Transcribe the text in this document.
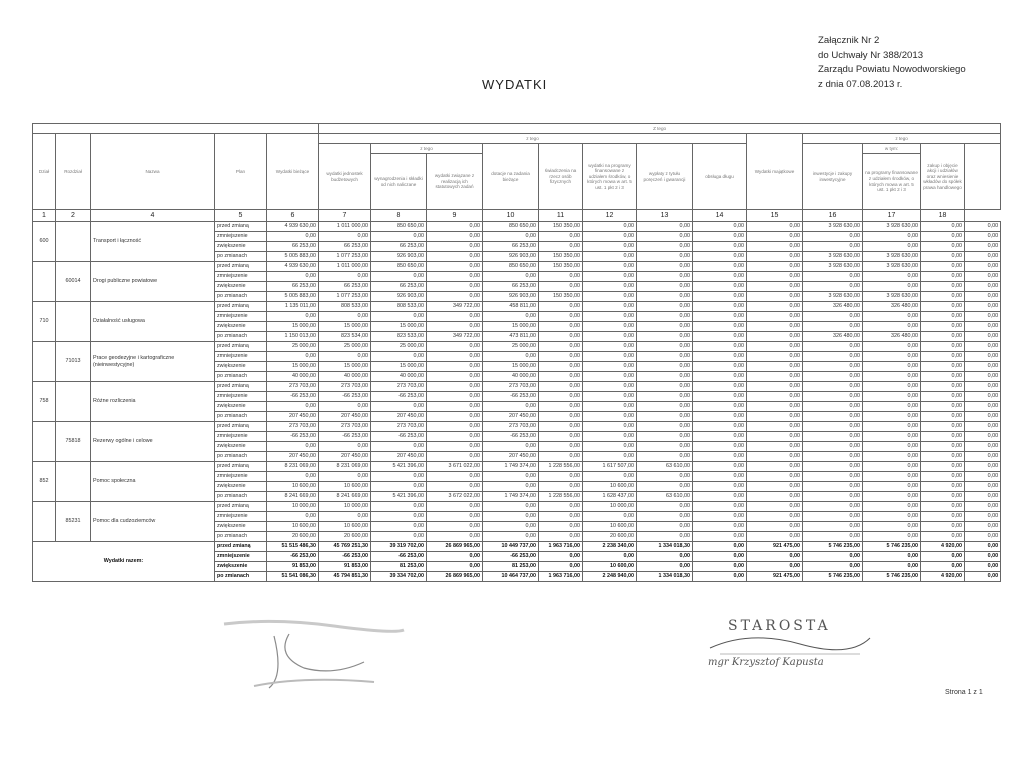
Załącznik Nr 2
do Uchwały Nr 388/2013
Zarządu Powiatu Nowodworskiego
z dnia 07.08.2013 r.
WYDATKI
					Z tego												
Dział	Rozdział	Nazwa	Plan	Wydatki bieżące	z tego								Wydatki majątkowe	z tego			
					wydatki jednostek budżetowych	z tego		dotacje na zadania bieżące	świadczenia na rzecz osób fizycznych	wydatki na programy finansowane z udziałem środków, o których mowa w art. 5 ust. 1 pkt 2 i 3	wypłaty z tytułu poręczeń i gwarancji	obsługa długu		inwestycje i zakupy inwestycyjne	w tym:	zakup i objęcie akcji i udziałów oraz wniesienie wkładów do spółek prawa handlowego	
						wynagrodzenia i składki od nich naliczane	wydatki związane z realizacją ich statutowych zadań								na programy finansowane z udziałem środków, o których mowa w art. 5 ust. 1 pkt 2 i 3		
1	2	4	5	6	7	8	9	10	11	12	13	14	15	16	17	18	
600		Transport i łączność	przed zmianą	4 939 630,00	1 011 000,00	850 650,00	0,00	850 650,00	150 350,00	0,00	0,00	0,00	0,00	3 928 630,00	3 928 630,00	0,00	0,00
			zmniejszenie	0,00	0,00	0,00	0,00	0,00	0,00	0,00	0,00	0,00	0,00	0,00	0,00	0,00	0,00
			zwiększenie	66 253,00	66 253,00	66 253,00	0,00	66 253,00	0,00	0,00	0,00	0,00	0,00	0,00	0,00	0,00	0,00
			po zmianach	5 005 883,00	1 077 253,00	926 903,00	0,00	926 903,00	150 350,00	0,00	0,00	0,00	0,00	3 928 630,00	3 928 630,00	0,00	0,00
	60014	Drogi publiczne powiatowe	przed zmianą	4 939 630,00	1 011 000,00	850 650,00	0,00	850 650,00	150 350,00	0,00	0,00	0,00	0,00	3 928 630,00	3 928 630,00	0,00	0,00
			zmniejszenie	0,00	0,00	0,00	0,00	0,00	0,00	0,00	0,00	0,00	0,00	0,00	0,00	0,00	0,00
			zwiększenie	66 253,00	66 253,00	66 253,00	0,00	66 253,00	0,00	0,00	0,00	0,00	0,00	0,00	0,00	0,00	0,00
			po zmianach	5 005 883,00	1 077 253,00	926 903,00	0,00	926 903,00	150 350,00	0,00	0,00	0,00	0,00	3 928 630,00	3 928 630,00	0,00	0,00
710		Działalność usługowa	przed zmianą	1 135 011,00	808 533,00	808 533,00	349 722,00	458 811,00	0,00	0,00	0,00	0,00	0,00	326 480,00	326 480,00	0,00	0,00
			zmniejszenie	0,00	0,00	0,00	0,00	0,00	0,00	0,00	0,00	0,00	0,00	0,00	0,00	0,00	0,00
			zwiększenie	15 000,00	15 000,00	15 000,00	0,00	15 000,00	0,00	0,00	0,00	0,00	0,00	0,00	0,00	0,00	0,00
			po zmianach	1 150 013,00	823 534,00	823 533,00	349 722,00	473 811,00	0,00	0,00	0,00	0,00	0,00	326 480,00	326 480,00	0,00	0,00
	71013	Prace geodezyjne i kartograficzne (nieinwestycyjne)	przed zmianą	25 000,00	25 000,00	25 000,00	0,00	25 000,00	0,00	0,00	0,00	0,00	0,00	0,00	0,00	0,00	0,00
			zmniejszenie	0,00	0,00	0,00	0,00	0,00	0,00	0,00	0,00	0,00	0,00	0,00	0,00	0,00	0,00
			zwiększenie	15 000,00	15 000,00	15 000,00	0,00	15 000,00	0,00	0,00	0,00	0,00	0,00	0,00	0,00	0,00	0,00
			po zmianach	40 000,00	40 000,00	40 000,00	0,00	40 000,00	0,00	0,00	0,00	0,00	0,00	0,00	0,00	0,00	0,00
758		Różne rozliczenia	przed zmianą	273 703,00	273 703,00	273 703,00	0,00	273 703,00	0,00	0,00	0,00	0,00	0,00	0,00	0,00	0,00	0,00
			zmniejszenie	-66 253,00	-66 253,00	-66 253,00	0,00	-66 253,00	0,00	0,00	0,00	0,00	0,00	0,00	0,00	0,00	0,00
			zwiększenie	0,00	0,00	0,00	0,00	0,00	0,00	0,00	0,00	0,00	0,00	0,00	0,00	0,00	0,00
			po zmianach	207 450,00	207 450,00	207 450,00	0,00	207 450,00	0,00	0,00	0,00	0,00	0,00	0,00	0,00	0,00	0,00
	75818	Rezerwy ogólne i celowe	przed zmianą	273 703,00	273 703,00	273 703,00	0,00	273 703,00	0,00	0,00	0,00	0,00	0,00	0,00	0,00	0,00	0,00
			zmniejszenie	-66 253,00	-66 253,00	-66 253,00	0,00	-66 253,00	0,00	0,00	0,00	0,00	0,00	0,00	0,00	0,00	0,00
			zwiększenie	0,00	0,00	0,00	0,00	0,00	0,00	0,00	0,00	0,00	0,00	0,00	0,00	0,00	0,00
			po zmianach	207 450,00	207 450,00	207 450,00	0,00	207 450,00	0,00	0,00	0,00	0,00	0,00	0,00	0,00	0,00	0,00
852		Pomoc społeczna	przed zmianą	8 231 069,00	8 231 069,00	5 421 396,00	3 671 022,00	1 749 374,00	1 228 556,00	1 617 507,00	63 610,00	0,00	0,00	0,00	0,00	0,00	0,00
			zmniejszenie	0,00	0,00	0,00	0,00	0,00	0,00	0,00	0,00	0,00	0,00	0,00	0,00	0,00	0,00
			zwiększenie	10 600,00	10 600,00	0,00	0,00	0,00	0,00	10 600,00	0,00	0,00	0,00	0,00	0,00	0,00	0,00
			po zmianach	8 241 669,00	8 241 669,00	5 421 396,00	3 672 022,00	1 749 374,00	1 228 556,00	1 628 437,00	63 610,00	0,00	0,00	0,00	0,00	0,00	0,00
	85231	Pomoc dla cudzoziemców	przed zmianą	10 000,00	10 000,00	0,00	0,00	0,00	0,00	10 000,00	0,00	0,00	0,00	0,00	0,00	0,00	0,00
			zmniejszenie	0,00	0,00	0,00	0,00	0,00	0,00	0,00	0,00	0,00	0,00	0,00	0,00	0,00	0,00
			zwiększenie	10 600,00	10 600,00	0,00	0,00	0,00	0,00	10 600,00	0,00	0,00	0,00	0,00	0,00	0,00	0,00
			po zmianach	20 600,00	20 600,00	0,00	0,00	0,00	0,00	20 600,00	0,00	0,00	0,00	0,00	0,00	0,00	0,00
Wydatki razem:			przed zmianą	51 515 486,30	45 769 251,30	39 319 702,00	26 869 965,00	10 449 737,00	1 963 716,00	2 238 340,00	1 334 018,30	0,00	921 475,00	5 746 235,00	5 746 235,00	4 920,00	0,00
			zmniejszenie	-66 253,00	-66 253,00	-66 253,00	0,00	-66 253,00	0,00	0,00	0,00	0,00	0,00	0,00	0,00	0,00	0,00
			zwiększenie	91 853,00	91 853,00	81 253,00	0,00	81 253,00	0,00	10 600,00	0,00	0,00	0,00	0,00	0,00	0,00	0,00
			po zmianach	51 541 086,30	45 794 851,30	39 334 702,00	26 869 965,00	10 464 737,00	1 963 716,00	2 248 940,00	1 334 018,30	0,00	921 475,00	5 746 235,00	5 746 235,00	4 920,00	0,00
STAROSTA
mgr Krzysztof Kapusta
Strona 1 z 1
